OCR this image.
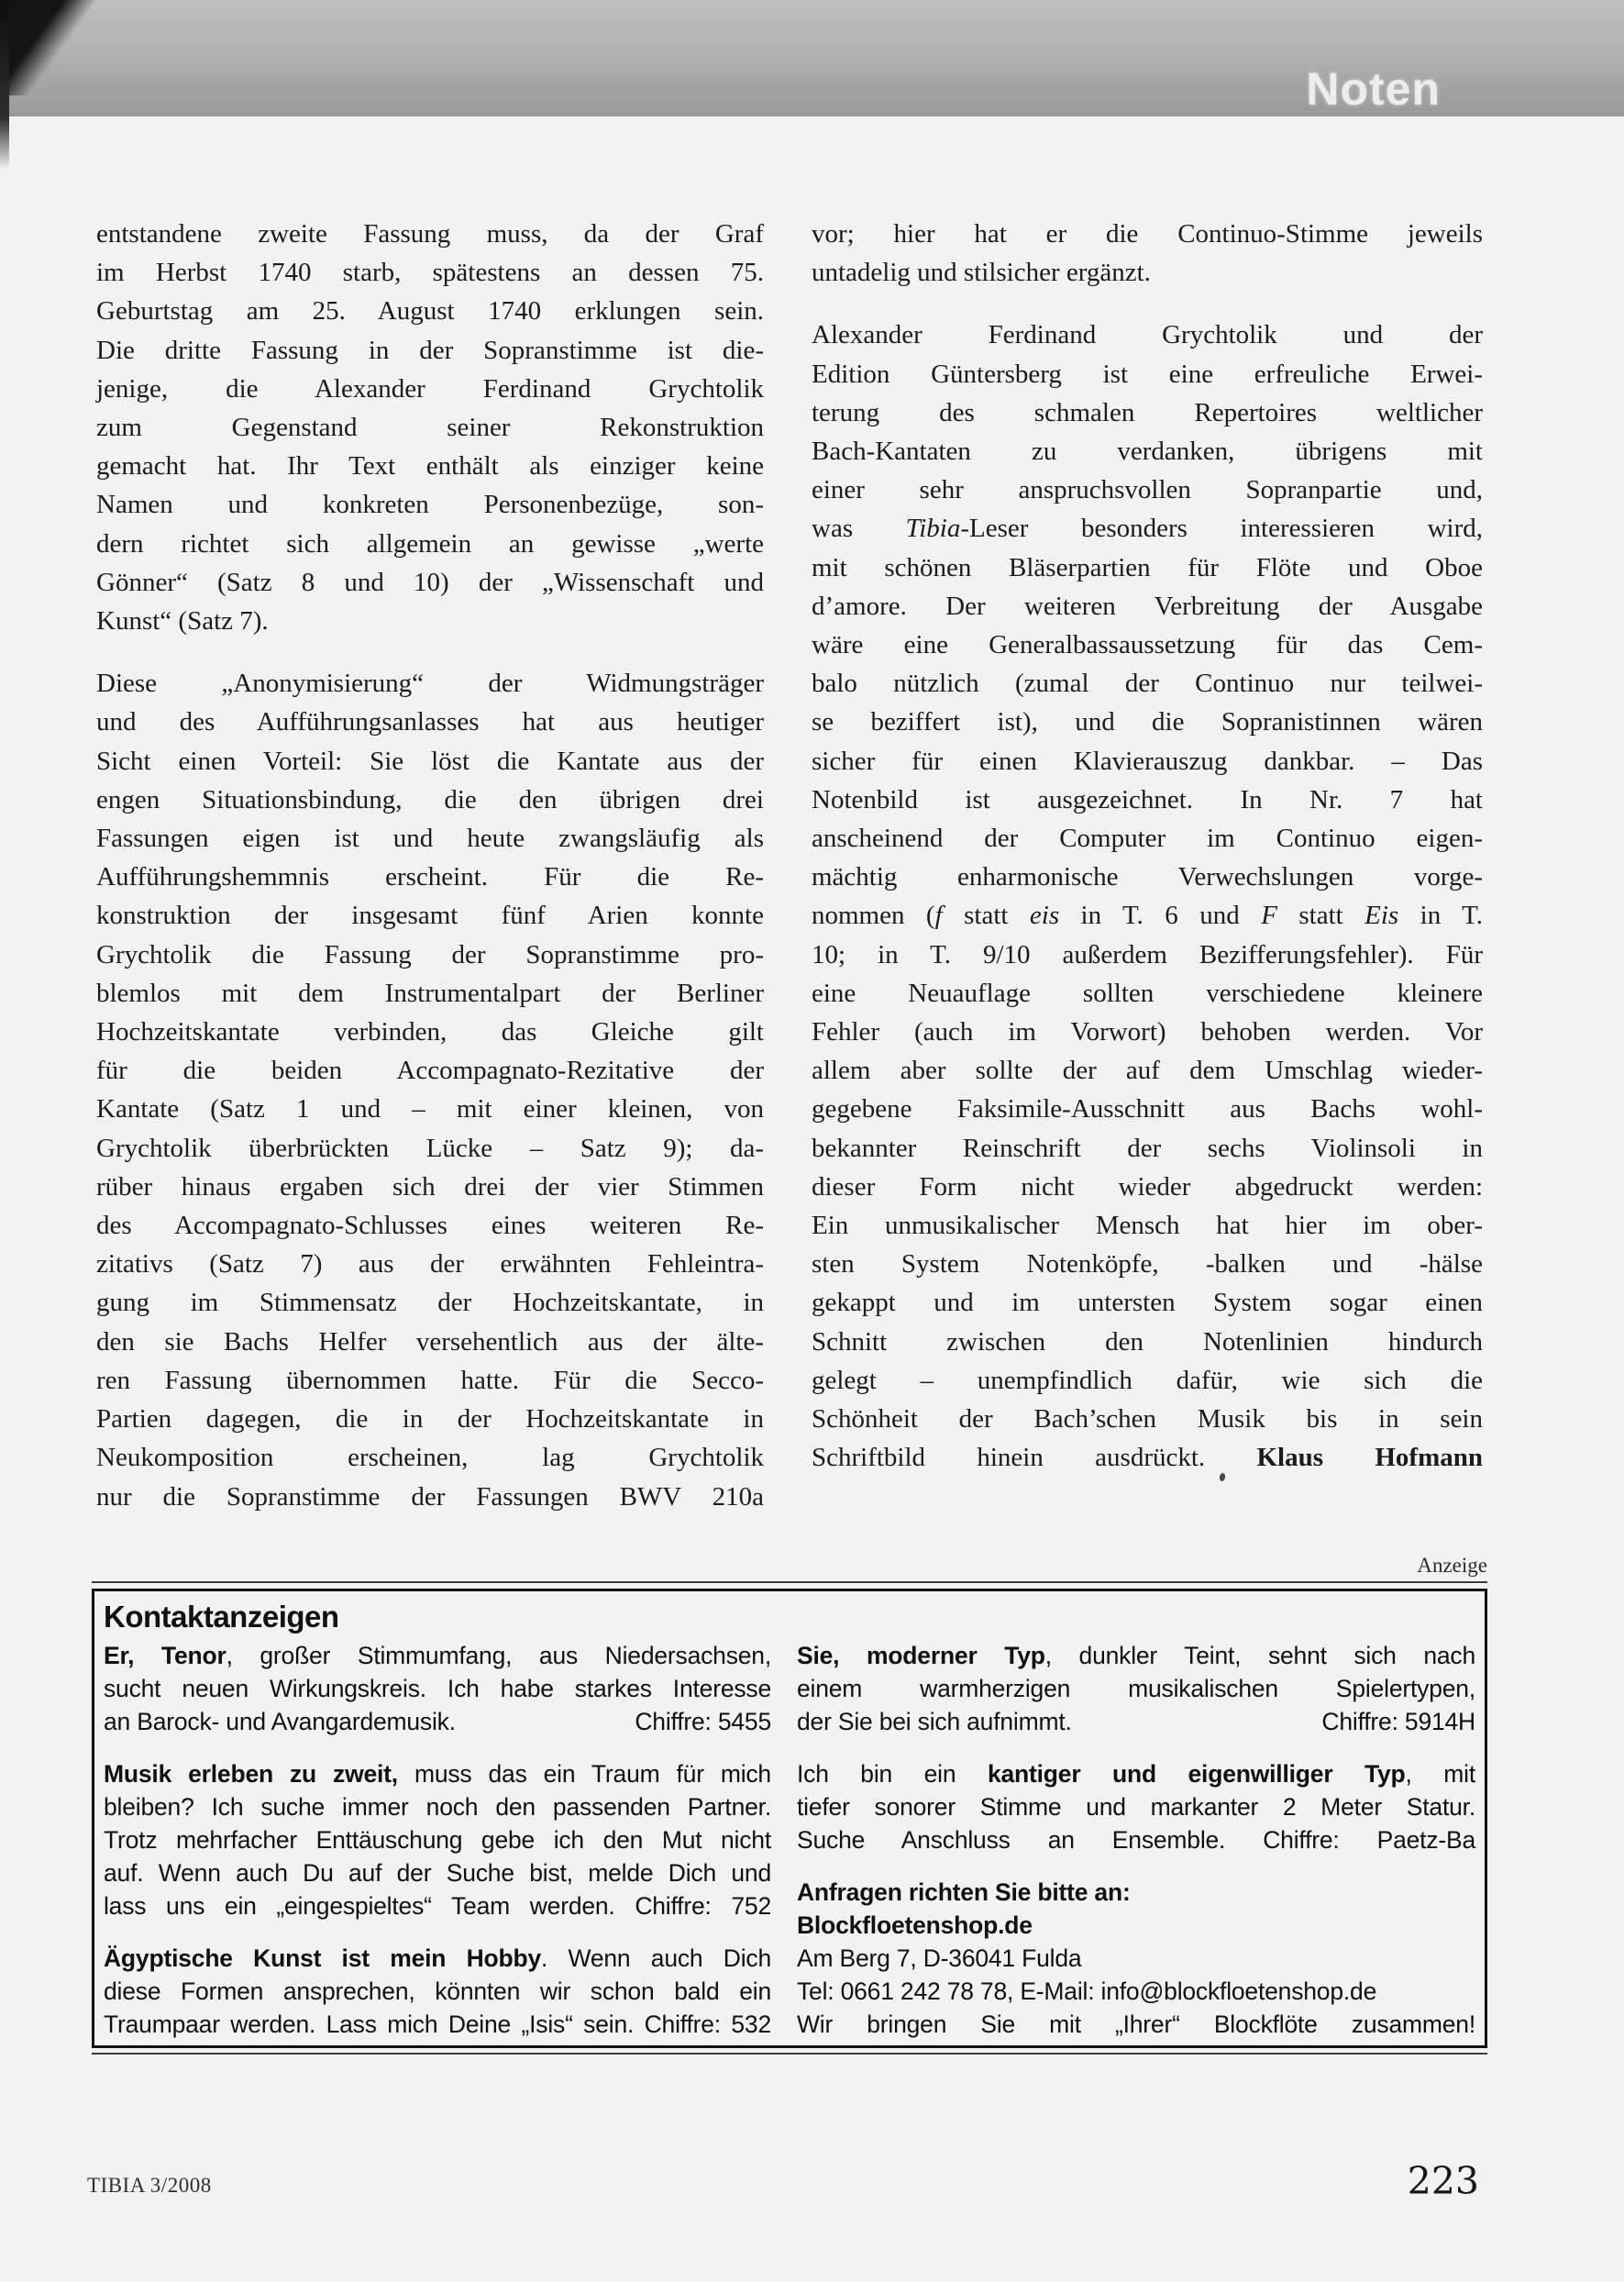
Noten
entstandene zweite Fassung muss, da der Graf
im Herbst 1740 starb, spätestens an dessen 75.
Geburtstag am 25. August 1740 erklungen sein.
Die dritte Fassung in der Sopranstimme ist die-
jenige, die Alexander Ferdinand Grychtolik
zum Gegenstand seiner Rekonstruktion
gemacht hat. Ihr Text enthält als einziger keine
Namen und konkreten Personenbezüge, son-
dern richtet sich allgemein an gewisse „werte
Gönner“ (Satz 8 und 10) der „Wissenschaft und
Kunst“ (Satz 7).
Diese „Anonymisierung“ der Widmungsträger
und des Aufführungsanlasses hat aus heutiger
Sicht einen Vorteil: Sie löst die Kantate aus der
engen Situationsbindung, die den übrigen drei
Fassungen eigen ist und heute zwangsläufig als
Aufführungshemmnis erscheint. Für die Re-
konstruktion der insgesamt fünf Arien konnte
Grychtolik die Fassung der Sopranstimme pro-
blemlos mit dem Instrumentalpart der Berliner
Hochzeitskantate verbinden, das Gleiche gilt
für die beiden Accompagnato-Rezitative der
Kantate (Satz 1 und – mit einer kleinen, von
Grychtolik überbrückten Lücke – Satz 9); da-
rüber hinaus ergaben sich drei der vier Stimmen
des Accompagnato-Schlusses eines weiteren Re-
zitativs (Satz 7) aus der erwähnten Fehleintra-
gung im Stimmensatz der Hochzeitskantate, in
den sie Bachs Helfer versehentlich aus der älte-
ren Fassung übernommen hatte. Für die Secco-
Partien dagegen, die in der Hochzeitskantate in
Neukomposition erscheinen, lag Grychtolik
nur die Sopranstimme der Fassungen BWV 210a
vor; hier hat er die Continuo-Stimme jeweils
untadelig und stilsicher ergänzt.
Alexander Ferdinand Grychtolik und der
Edition Güntersberg ist eine erfreuliche Erwei-
terung des schmalen Repertoires weltlicher
Bach-Kantaten zu verdanken, übrigens mit
einer sehr anspruchsvollen Sopranpartie und,
was Tibia-Leser besonders interessieren wird,
mit schönen Bläserpartien für Flöte und Oboe
d’amore. Der weiteren Verbreitung der Ausgabe
wäre eine Generalbassaussetzung für das Cem-
balo nützlich (zumal der Continuo nur teilwei-
se beziffert ist), und die Sopranistinnen wären
sicher für einen Klavierauszug dankbar. – Das
Notenbild ist ausgezeichnet. In Nr. 7 hat
anscheinend der Computer im Continuo eigen-
mächtig enharmonische Verwechslungen vorge-
nommen (f statt eis in T. 6 und F statt Eis in T.
10; in T. 9/10 außerdem Bezifferungsfehler). Für
eine Neuauflage sollten verschiedene kleinere
Fehler (auch im Vorwort) behoben werden. Vor
allem aber sollte der auf dem Umschlag wieder-
gegebene Faksimile-Ausschnitt aus Bachs wohl-
bekannter Reinschrift der sechs Violinsoli in
dieser Form nicht wieder abgedruckt werden:
Ein unmusikalischer Mensch hat hier im ober-
sten System Notenköpfe, -balken und -hälse
gekappt und im untersten System sogar einen
Schnitt zwischen den Notenlinien hindurch
gelegt – unempfindlich dafür, wie sich die
Schönheit der Bach’schen Musik bis in sein
Schriftbild hinein ausdrückt. Klaus Hofmann
Anzeige
Kontaktanzeigen
Er, Tenor, großer Stimmumfang, aus Niedersachsen,
sucht neuen Wirkungskreis. Ich habe starkes Interesse
an Barock- und Avangardemusik.	Chiffre: 5455
Musik erleben zu zweit, muss das ein Traum für mich
bleiben? Ich suche immer noch den passenden Partner.
Trotz mehrfacher Enttäuschung gebe ich den Mut nicht
auf. Wenn auch Du auf der Suche bist, melde Dich und
lass uns ein „eingespieltes“ Team werden. Chiffre: 752
Ägyptische Kunst ist mein Hobby. Wenn auch Dich
diese Formen ansprechen, könnten wir schon bald ein
Traumpaar werden. Lass mich Deine „Isis“ sein. Chiffre: 532
Sie, moderner Typ, dunkler Teint, sehnt sich nach
einem warmherzigen musikalischen Spielertypen,
der Sie bei sich aufnimmt.	Chiffre: 5914H
Ich bin ein kantiger und eigenwilliger Typ, mit
tiefer sonorer Stimme und markanter 2 Meter Statur.
Suche Anschluss an Ensemble. Chiffre: Paetz-Ba
Anfragen richten Sie bitte an:
Blockfloetenshop.de
Am Berg 7, D-36041 Fulda
Tel: 0661 242 78 78, E-Mail: info@blockfloetenshop.de
Wir bringen Sie mit „Ihrer“ Blockflöte zusammen!
TIBIA 3/2008	223
